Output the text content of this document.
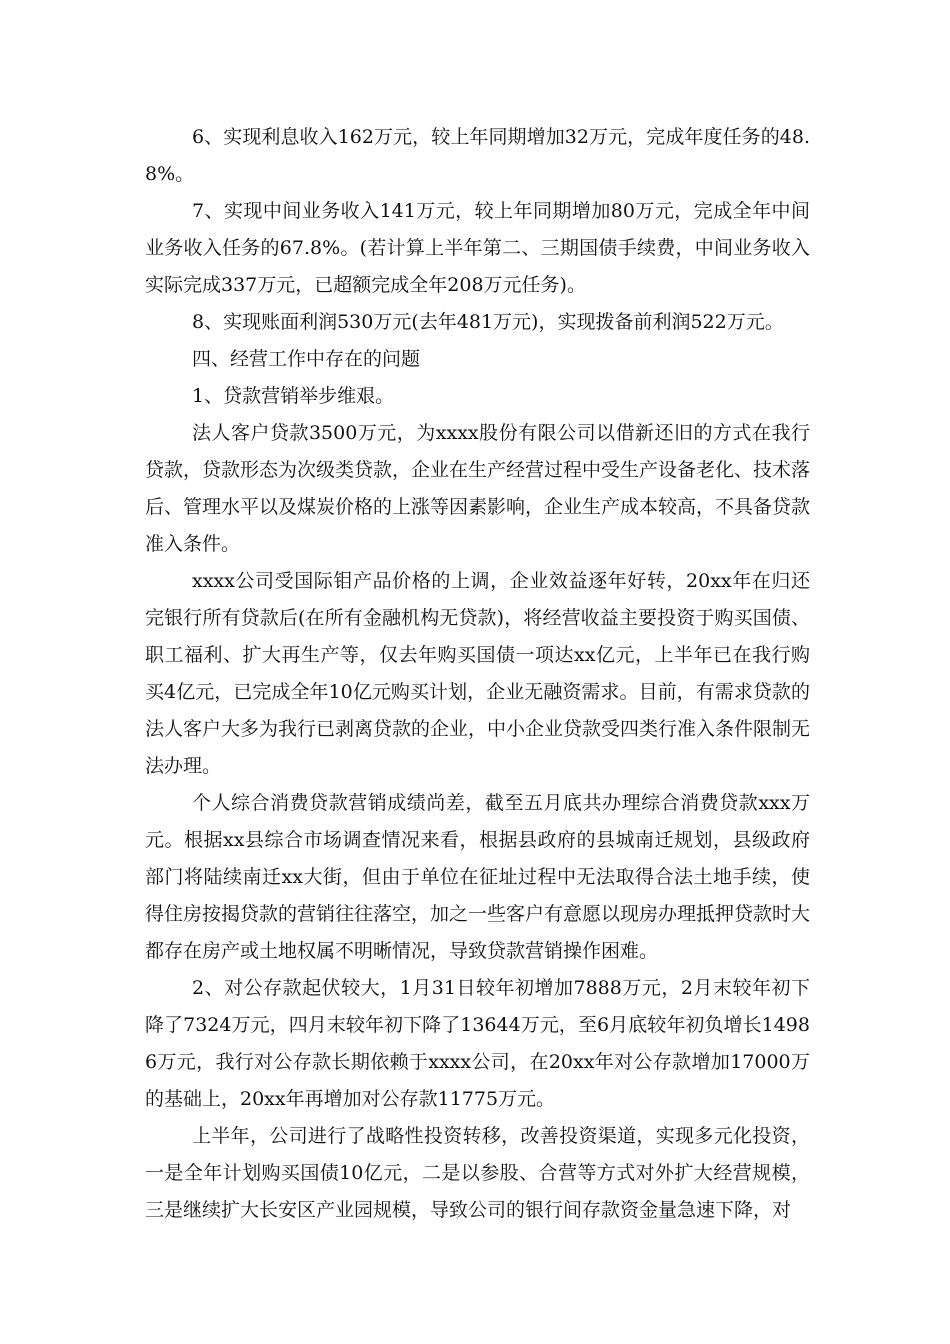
6、实现利息收入162万元，较上年同期增加32万元，完成年度任务的48.8%。

7、实现中间业务收入141万元，较上年同期增加80万元，完成全年中间业务收入任务的67.8%。(若计算上半年第二、三期国债手续费，中间业务收入实际完成337万元，已超额完成全年208万元任务)。

8、实现账面利润530万元(去年481万元)，实现拨备前利润522万元。

四、经营工作中存在的问题

1、贷款营销举步维艰。

法人客户贷款3500万元，为xxxx股份有限公司以借新还旧的方式在我行贷款，贷款形态为次级类贷款，企业在生产经营过程中受生产设备老化、技术落后、管理水平以及煤炭价格的上涨等因素影响，企业生产成本较高，不具备贷款准入条件。

xxxx公司受国际钼产品价格的上调，企业效益逐年好转，20xx年在归还完银行所有贷款后(在所有金融机构无贷款)，将经营收益主要投资于购买国债、职工福利、扩大再生产等，仅去年购买国债一项达xx亿元，上半年已在我行购买4亿元，已完成全年10亿元购买计划，企业无融资需求。目前，有需求贷款的法人客户大多为我行已剥离贷款的企业，中小企业贷款受四类行准入条件限制无法办理。

个人综合消费贷款营销成绩尚差，截至五月底共办理综合消费贷款xxx万元。根据xx县综合市场调查情况来看，根据县政府的县城南迁规划，县级政府部门将陆续南迁xx大街，但由于单位在征址过程中无法取得合法土地手续，使得住房按揭贷款的营销往往落空，加之一些客户有意愿以现房办理抵押贷款时大都存在房产或土地权属不明晰情况，导致贷款营销操作困难。

2、对公存款起伏较大，1月31日较年初增加7888万元，2月末较年初下降了7324万元，四月末较年初下降了13644万元，至6月底较年初负增长14986万元，我行对公存款长期依赖于xxxx公司，在20xx年对公存款增加17000万的基础上，20xx年再增加对公存款11775万元。

上半年，公司进行了战略性投资转移，改善投资渠道，实现多元化投资，一是全年计划购买国债10亿元，二是以参股、合营等方式对外扩大经营规模，三是继续扩大长安区产业园规模，导致公司的银行间存款资金量急速下降，对
